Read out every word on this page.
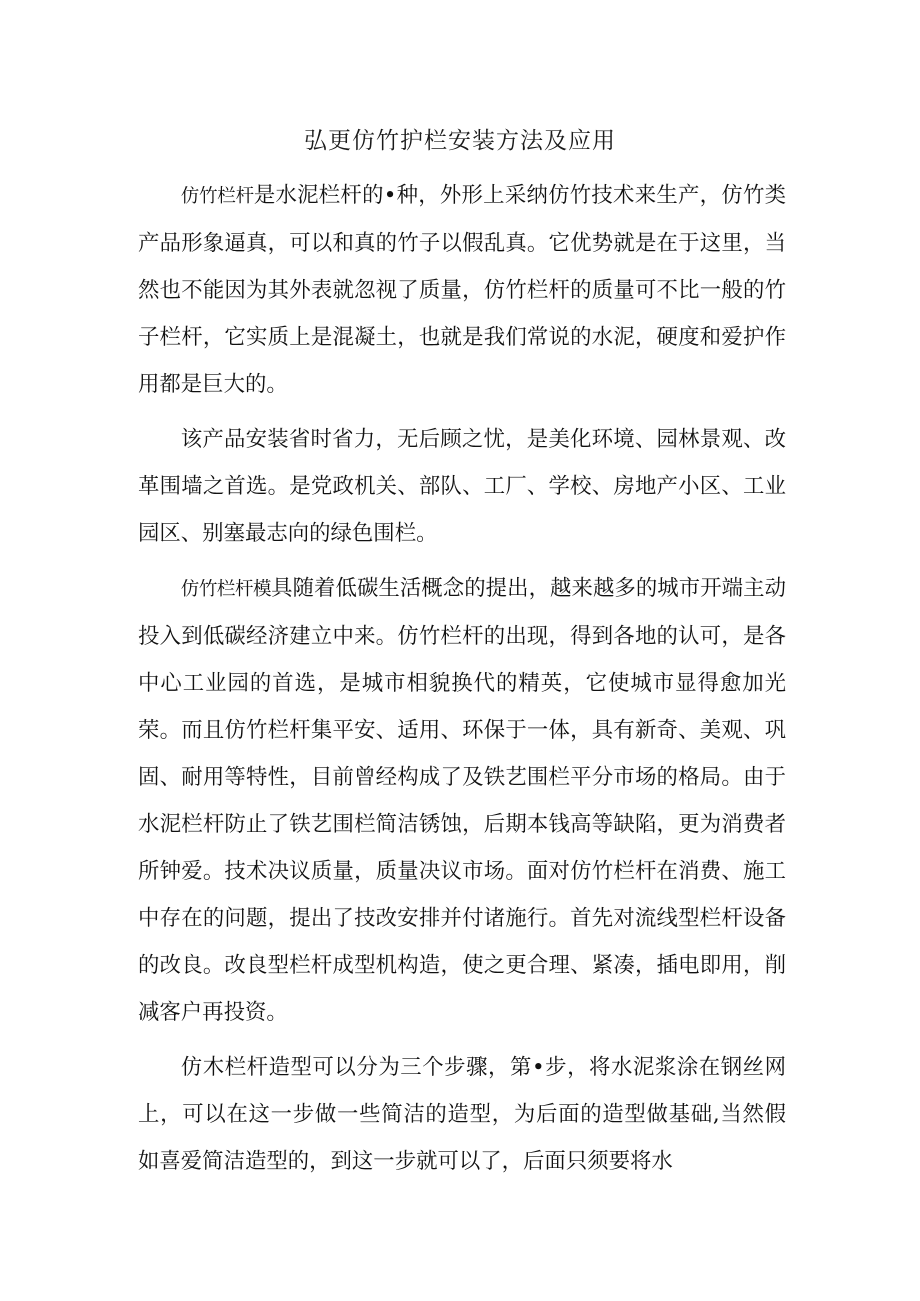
弘更仿竹护栏安装方法及应用

仿竹栏杆是水泥栏杆的•种，外形上采纳仿竹技术来生产，仿竹类产品形象逼真，可以和真的竹子以假乱真。它优势就是在于这里，当然也不能因为其外表就忽视了质量，仿竹栏杆的质量可不比一般的竹子栏杆，它实质上是混凝土，也就是我们常说的水泥，硬度和爱护作用都是巨大的。

该产品安装省时省力，无后顾之忧，是美化环境、园林景观、改革围墙之首选。是党政机关、部队、工厂、学校、房地产小区、工业园区、别塞最志向的绿色围栏。

仿竹栏杆模具随着低碳生活概念的提出，越来越多的城市开端主动投入到低碳经济建立中来。仿竹栏杆的出现，得到各地的认可，是各中心工业园的首选，是城市相貌换代的精英，它使城市显得愈加光荣。而且仿竹栏杆集平安、适用、环保于一体，具有新奇、美观、巩固、耐用等特性，目前曾经构成了及铁艺围栏平分市场的格局。由于水泥栏杆防止了铁艺围栏简洁锈蚀，后期本钱高等缺陷，更为消费者所钟爱。技术决议质量，质量决议市场。面对仿竹栏杆在消费、施工中存在的问题，提出了技改安排并付诸施行。首先对流线型栏杆设备的改良。改良型栏杆成型机构造，使之更合理、紧凑，插电即用，削减客户再投资。

仿木栏杆造型可以分为三个步骤，第•步，将水泥浆涂在钢丝网上，可以在这一步做一些简洁的造型，为后面的造型做基础,当然假如喜爱简洁造型的，到这一步就可以了，后面只须要将水
